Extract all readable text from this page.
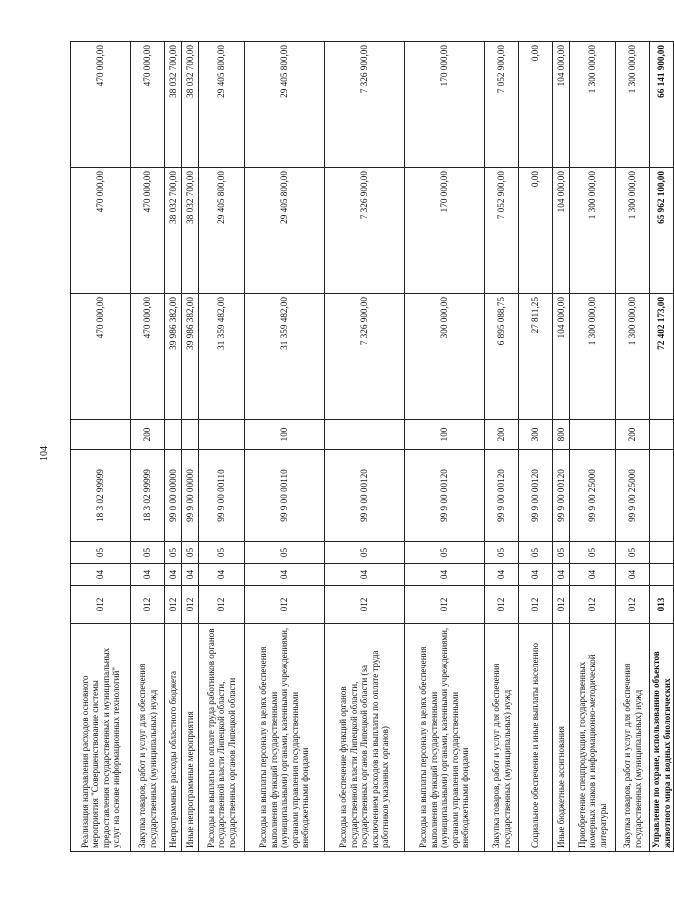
104
Реализация направления расходов основного мероприятия "Совершенствование системы предоставления государственных и муниципальных услуг на основе информационных технологий"	012	04	05	18 3 02 99999		470 000,00	470 000,00	470 000,00
Закупка товаров, работ и услуг для обеспечения государственных (муниципальных) нужд	012	04	05	18 3 02 99999	200	470 000,00	470 000,00	470 000,00
Непрограммные расходы областного бюджета	012	04	05	99 0 00 00000		39 986 382,00	38 032 700,00	38 032 700,00
Иные непрограммные мероприятия	012	04	05	99 9 00 00000		39 986 382,00	38 032 700,00	38 032 700,00
Расходы на выплаты по оплате труда работников органов государственной власти Липецкой области, государственных органов Липецкой области	012	04	05	99 9 00 00110		31 359 482,00	29 405 800,00	29 405 800,00
Расходы на выплаты персоналу в целях обеспечения выполнения функций государственными (муниципальными) органами, казенными учреждениями, органами управления государственными внебюджетными фондами	012	04	05	99 9 00 00110	100	31 359 482,00	29 405 800,00	29 405 800,00
Расходы на обеспечение функций органов государственной власти Липецкой области, государственных органов Липецкой области (за исключением расходов на выплаты по оплате труда работников указанных органов)	012	04	05	99 9 00 00120		7 326 900,00	7 326 900,00	7 326 900,00
Расходы на выплаты персоналу в целях обеспечения выполнения функций государственными (муниципальными) органами, казенными учреждениями, органами управления государственными внебюджетными фондами	012	04	05	99 9 00 00120	100	300 000,00	170 000,00	170 000,00
Закупка товаров, работ и услуг для обеспечения государственных (муниципальных) нужд	012	04	05	99 9 00 00120	200	6 895 088,75	7 052 900,00	7 052 900,00
Социальное обеспечение и иные выплаты населению	012	04	05	99 9 00 00120	300	27 811,25	0,00	0,00
Иные бюджетные ассигнования	012	04	05	99 9 00 00120	800	104 000,00	104 000,00	104 000,00
Приобретение спецпродукции, государственных номерных знаков и информационно-методической литературы	012	04	05	99 9 00 25000		1 300 000,00	1 300 000,00	1 300 000,00
Закупка товаров, работ и услуг для обеспечения государственных (муниципальных) нужд	012	04	05	99 9 00 25000	200	1 300 000,00	1 300 000,00	1 300 000,00
Управление по охране, использованию объектов животного мира и водных биологических	013					72 402 173,00	65 962 100,00	66 141 900,00
